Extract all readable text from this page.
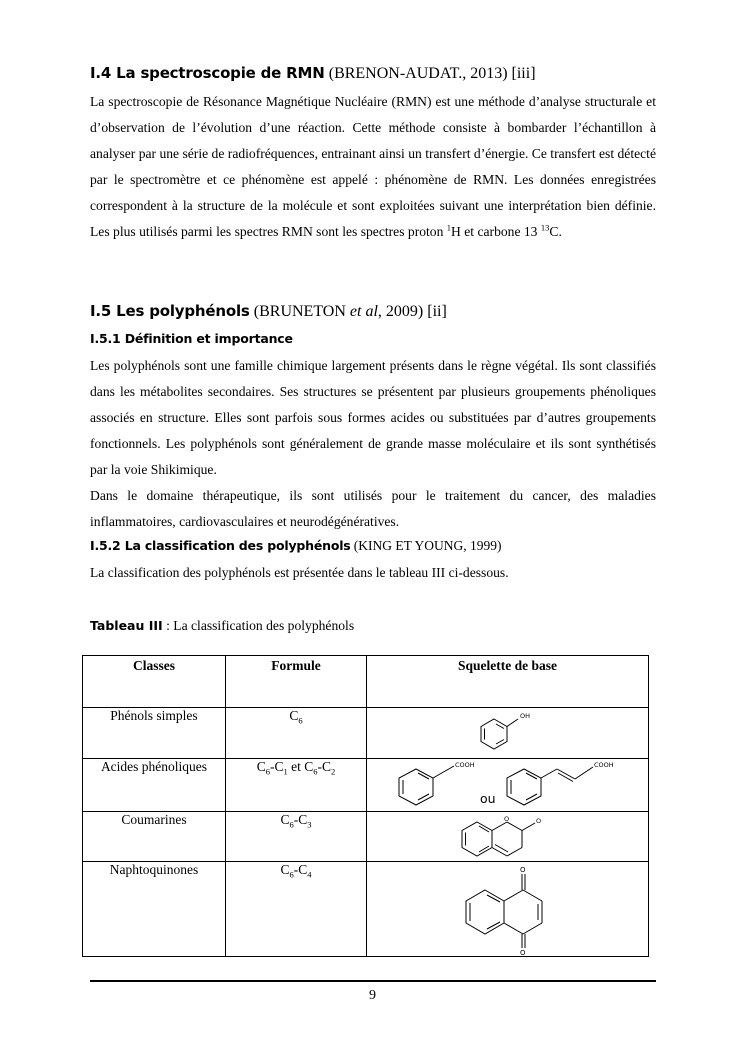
I.4 La spectroscopie de RMN (BRENON-AUDAT., 2013) [iii]

La spectroscopie de Résonance Magnétique Nucléaire (RMN) est une méthode d’analyse structurale et d’observation de l’évolution d’une réaction. Cette méthode consiste à bombarder l’échantillon à analyser par une série de radiofréquences, entrainant ainsi un transfert d’énergie. Ce transfert est détecté par le spectromètre et ce phénomène est appelé : phénomène de RMN. Les données enregistrées correspondent à la structure de la molécule et sont exploitées suivant une interprétation bien définie. Les plus utilisés parmi les spectres RMN sont les spectres proton $^1$H et carbone 13 $^{13}$C.

I.5 Les polyphénols (BRUNETON et al, 2009) [ii]
I.5.1 Définition et importance

Les polyphénols sont une famille chimique largement présents dans le règne végétal. Ils sont classifiés dans les métabolites secondaires. Ses structures se présentent par plusieurs groupements phénoliques associés en structure. Elles sont parfois sous formes acides ou substituées par d’autres groupements fonctionnels. Les polyphénols sont généralement de grande masse moléculaire et ils sont synthétisés par la voie Shikimique.

Dans le domaine thérapeutique, ils sont utilisés pour le traitement du cancer, des maladies inflammatoires, cardiovasculaires et neurodégénératives.

I.5.2 La classification des polyphénols (KING ET YOUNG, 1999)
La classification des polyphénols est présentée dans le tableau III ci-dessous.
Tableau III : La classification des polyphénols
Classes	Formule	Squelette de base
Phénols simples	$C_6$	OH

Acides phénoliques	$C_6-C_1$ et $C_6-C_2$	COOH
ou
COOH

Coumarines	$C_6-C_3$	O O

Naphtoquinones	$C_6-C_4$	O
O
9
